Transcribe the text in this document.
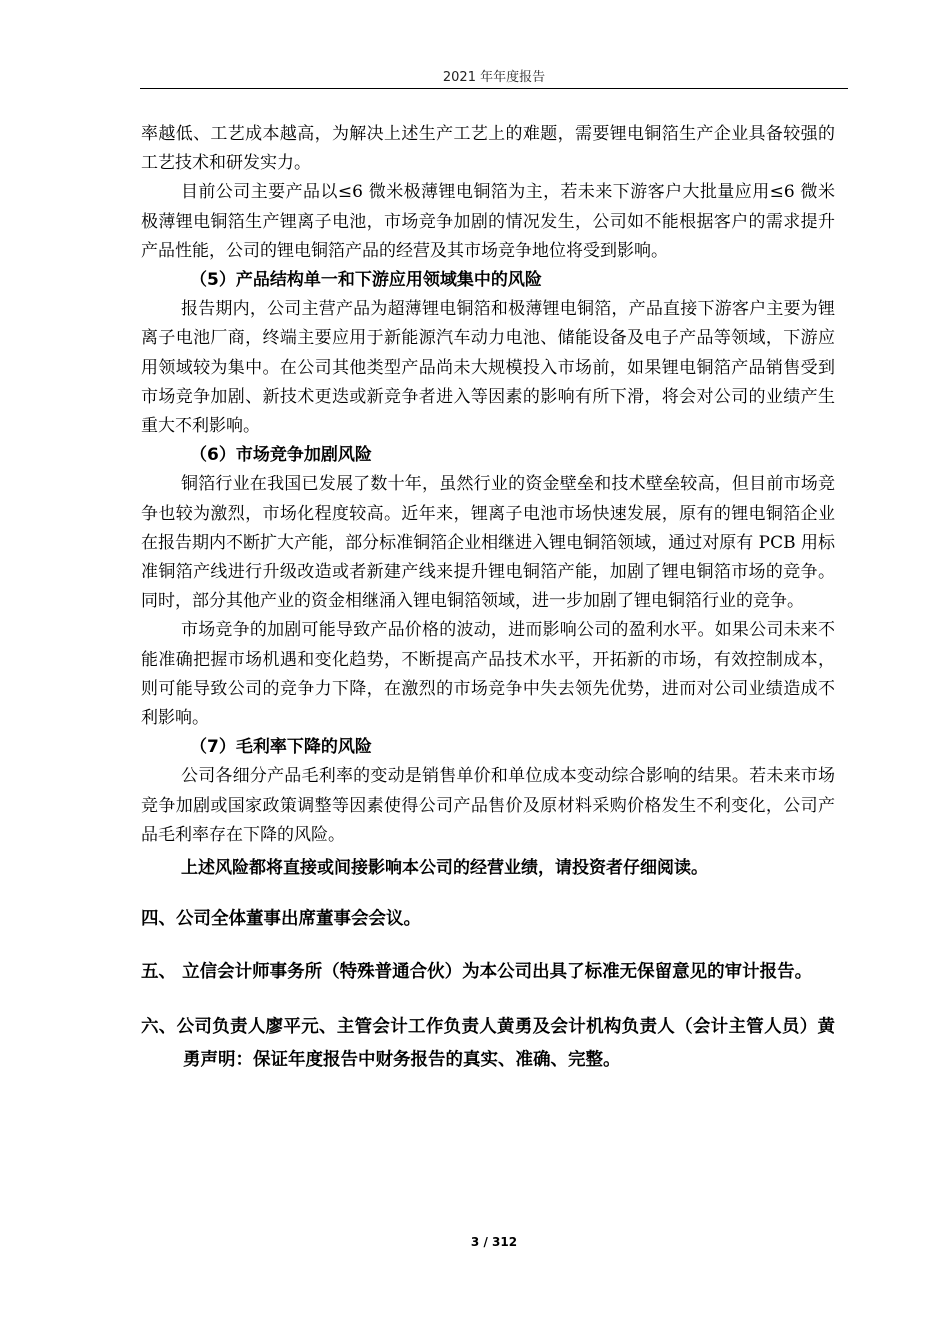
2021 年年度报告

率越低、工艺成本越高，为解决上述生产工艺上的难题，需要锂电铜箔生产企业具备较强的工艺技术和研发实力。

目前公司主要产品以≤6 微米极薄锂电铜箔为主，若未来下游客户大批量应用≤6 微米极薄锂电铜箔生产锂离子电池，市场竞争加剧的情况发生，公司如不能根据客户的需求提升产品性能，公司的锂电铜箔产品的经营及其市场竞争地位将受到影响。

（5）产品结构单一和下游应用领域集中的风险

报告期内，公司主营产品为超薄锂电铜箔和极薄锂电铜箔，产品直接下游客户主要为锂离子电池厂商，终端主要应用于新能源汽车动力电池、储能设备及电子产品等领域，下游应用领域较为集中。在公司其他类型产品尚未大规模投入市场前，如果锂电铜箔产品销售受到市场竞争加剧、新技术更迭或新竞争者进入等因素的影响有所下滑，将会对公司的业绩产生重大不利影响。

（6）市场竞争加剧风险

铜箔行业在我国已发展了数十年，虽然行业的资金壁垒和技术壁垒较高，但目前市场竞争也较为激烈，市场化程度较高。近年来，锂离子电池市场快速发展，原有的锂电铜箔企业在报告期内不断扩大产能，部分标准铜箔企业相继进入锂电铜箔领域，通过对原有 PCB 用标准铜箔产线进行升级改造或者新建产线来提升锂电铜箔产能，加剧了锂电铜箔市场的竞争。同时，部分其他产业的资金相继涌入锂电铜箔领域，进一步加剧了锂电铜箔行业的竞争。

市场竞争的加剧可能导致产品价格的波动，进而影响公司的盈利水平。如果公司未来不能准确把握市场机遇和变化趋势，不断提高产品技术水平，开拓新的市场，有效控制成本，则可能导致公司的竞争力下降，在激烈的市场竞争中失去领先优势，进而对公司业绩造成不利影响。

（7）毛利率下降的风险

公司各细分产品毛利率的变动是销售单价和单位成本变动综合影响的结果。若未来市场竞争加剧或国家政策调整等因素使得公司产品售价及原材料采购价格发生不利变化，公司产品毛利率存在下降的风险。

上述风险都将直接或间接影响本公司的经营业绩，请投资者仔细阅读。

四、公司全体董事出席董事会会议。

五、 立信会计师事务所（特殊普通合伙）为本公司出具了标准无保留意见的审计报告。

六、公司负责人廖平元、主管会计工作负责人黄勇及会计机构负责人（会计主管人员）黄勇声明：保证年度报告中财务报告的真实、准确、完整。

3 / 312
